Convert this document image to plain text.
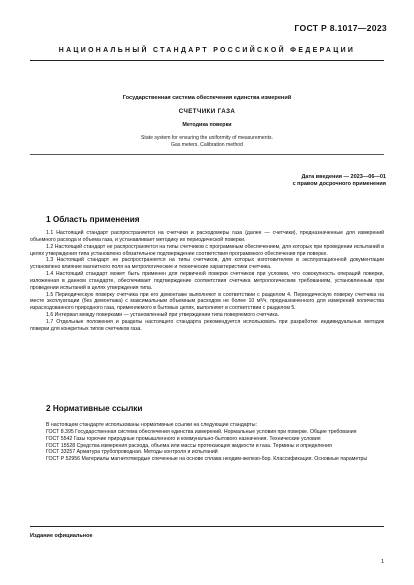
ГОСТ Р 8.1017—2023
НАЦИОНАЛЬНЫЙ СТАНДАРТ РОССИЙСКОЙ ФЕДЕРАЦИИ
Государственная система обеспечения единства измерений
СЧЕТЧИКИ ГАЗА
Методика поверки
State system for ensuring the uniformity of measurements.
Gas meters. Calibration method
Дата введения — 2023—06—01
с правом досрочного применения
1 Область применения

1.1 Настоящий стандарт распространяется на счетчики и расходомеры газа (далее — счетчики), предназначенные для измерений объемного расхода и объема газа, и устанавливает методику их периодической поверки.

1.2 Настоящий стандарт не распространяется на типы счетчиков с программным обеспечением, для которых при проведении испытаний в целях утверждения типа установлено обязательное подтверждение соответствия программного обеспечения при поверке.

1.3 Настоящий стандарт не распространяется на типы счетчиков, для которых изготовителем в эксплуатационной документации установлено влияние магнитного поля на метрологические и технические характеристики счетчика.

1.4 Настоящий стандарт может быть применен для первичной поверки счетчиков при условии, что совокупность операций поверки, изложенная в данном стандарте, обеспечивает подтверждение соответствия счетчика метрологическим требованиям, установленным при проведении испытаний в целях утверждения типа.

1.5 Периодическую поверку счетчика при его демонтаже выполняют в соответствии с разделом 4. Периодическую поверку счетчика на месте эксплуатации (без демонтажа) с максимальным объемным расходом не более 10 м³/ч, предназначенного для измерений количества израсходованного природного газа, применяемого в бытовых целях, выполняют в соответствии с разделом 5.

1.6 Интервал между поверками — установленный при утверждении типа поверяемого счетчика.

1.7 Отдельные положения и разделы настоящего стандарта рекомендуется использовать при разработке индивидуальных методик поверки для конкретных типов счетчиков газа.

2 Нормативные ссылки

В настоящем стандарте использованы нормативные ссылки на следующие стандарты:

ГОСТ 8.395 Государственная система обеспечения единства измерений. Нормальные условия при поверке. Общие требования

ГОСТ 5542 Газы горючие природные промышленного и коммунально-бытового назначения. Технические условия

ГОСТ 15528 Средства измерения расхода, объема или массы протекающих жидкости и газа. Термины и определения

ГОСТ 33257 Арматура трубопроводная. Методы контроля и испытаний

ГОСТ Р 52956 Материалы магнитотвердые спеченные на основе сплава неодим-железо-бор. Классификация. Основные параметры

Издание официальное
1
